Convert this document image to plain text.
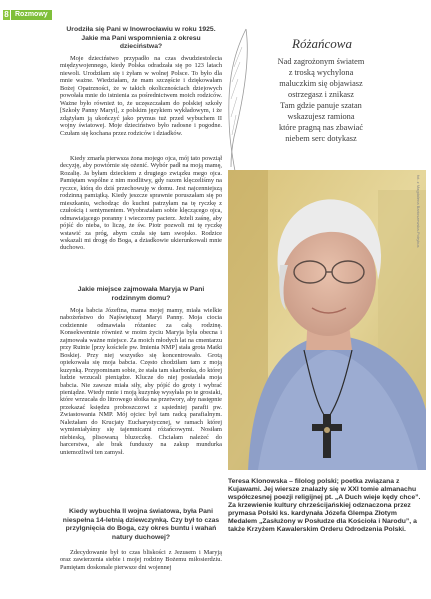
8 Rozmowy
Urodziła się Pani w Inowrocławiu w roku 1925. Jakie ma Pani wspomnienia z okresu dzieciństwa?

Moje dzieciństwo przypadło na czas dwudziestolecia międzywojennego, kiedy Polska odradzała się po 123 latach niewoli. Urodziłam się i żyłam w wolnej Polsce. To było dla mnie ważne. Wiedziałam, że mam szczęście i dziękowałam Bożej Opatrzności, że w takich okolicznościach dziejowych powołała mnie do istnienia za pośrednictwem moich rodziców. Ważne było również to, że uczęszczałam do polskiej szkoły [Szkoły Panny Maryi], z polskim językiem wykładowym, i że zdążyłam ją ukończyć jako prymus tuż przed wybuchem II wojny światowej. Moje dzieciństwo było radosne i pogodne. Czułam się kochana przez rodziców i dziadków.

Kiedy zmarła pierwsza żona mojego ojca, mój tato powziął decyzję, aby powtórnie się ożenić. Wybór padł na moją mamę, Rozalię. Ja byłam dzieckiem z drugiego związku mego ojca. Pamiętam wspólne z nim modlitwy, gdy razem klęczeliśmy na ryczce, którą do dziś przechowuję w domu. Jest najcenniejszą rodzinną pamiątką. Kiedy jeszcze sprawnie poruszałam się po mieszkaniu, wchodząc do kuchni patrzyłam na tę ryczkę z czułością i sentymentem. Wyobrażałam sobie klęczącego ojca, odmawiającego poranny i wieczorny pacierz. Jeżeli zaśnę, aby pójść do nieba, to liczę, że św. Piotr pozwoli mi tę ryczkę wstawić za próg, abym czuła się tam swojsko. Rodzice wskazali mi drogę do Boga, a dziadkowie ukierunkowali mnie duchowo.

Jakie miejsce zajmowała Maryja w Pani rodzinnym domu?

Moja babcia Józefina, mama mojej mamy, miała wielkie nabożeństwo do Najświętszej Maryi Panny. Moja ciocia codziennie odmawiała różaniec za całą rodzinę. Konsekwentnie również w moim życiu Maryja była obecna i zajmowała ważne miejsce. Za moich młodych lat na cmentarzu przy Ruinie [przy kościele pw. Imienia NMP] stała grota Matki Boskiej. Przy niej wszystko się koncentrowało. Grotą opiekowała się moja babcia. Często chodziłam tam z moją kuzynką. Przypominam sobie, że stała tam skarbonka, do której ludzie wrzucali pieniądze. Klucze do niej posiadała moja babcia. Nie zawsze miała siły, aby pójść do groty i wybrać pieniądze. Wtedy mnie i moją kuzynkę wysyłała po te grosiaki, które wrzucała do litrowego słoika na przetwory, aby następnie przekazać księdzu proboszczowi z sąsiedniej parafii pw. Zwiastowania NMP. Mój ojciec był tam radcą parafialnym. Należałam do Krucjaty Eucharystycznej, w ramach której wymieniałyśmy się tajemnicami różańcowymi. Nosiłam niebieską, plisowaną bluzeczkę. Chciałam należeć do harcerstwa, ale brak funduszy na zakup mundurka uniemożliwił ten zamysł.

Kiedy wybuchła II wojna światowa, była Pani niespełna 14-letnią dziewczynką. Czy był to czas przylgnięcia do Boga, czy okres buntu i wahań natury duchowej?

Zdecydowanie był to czas bliskości z Jezusem i Maryją oraz zawierzenia siebie i mojej rodziny Bożemu miłosierdziu. Pamiętam doskonale pierwsze dni wojennej

Różańcowa
Nad zagrożonym światem
z troską wychylona
maluczkim się objawiasz
ostrzegasz i znikasz
Tam gdzie panuje szatan
wskazujesz ramiona
które pragną nas zbawiać
niebem serc dotykasz
fot. z Magdalena Bartoszewska-Potrykus
Teresa Klonowska – filolog polski; poetka związana z Kujawami. Jej wiersze znalazły się w XXI tomie almanachu współczesnej poezji religijnej pt. „A Duch wieje kędy chce”. Za krzewienie kultury chrześcijańskiej odznaczona przez prymasa Polski ks. kardynała Józefa Glempa Złotym Medalem „Zasłużony w Posłudze dla Kościoła i Narodu”, a także Krzyżem Kawalerskim Orderu Odrodzenia Polski.
